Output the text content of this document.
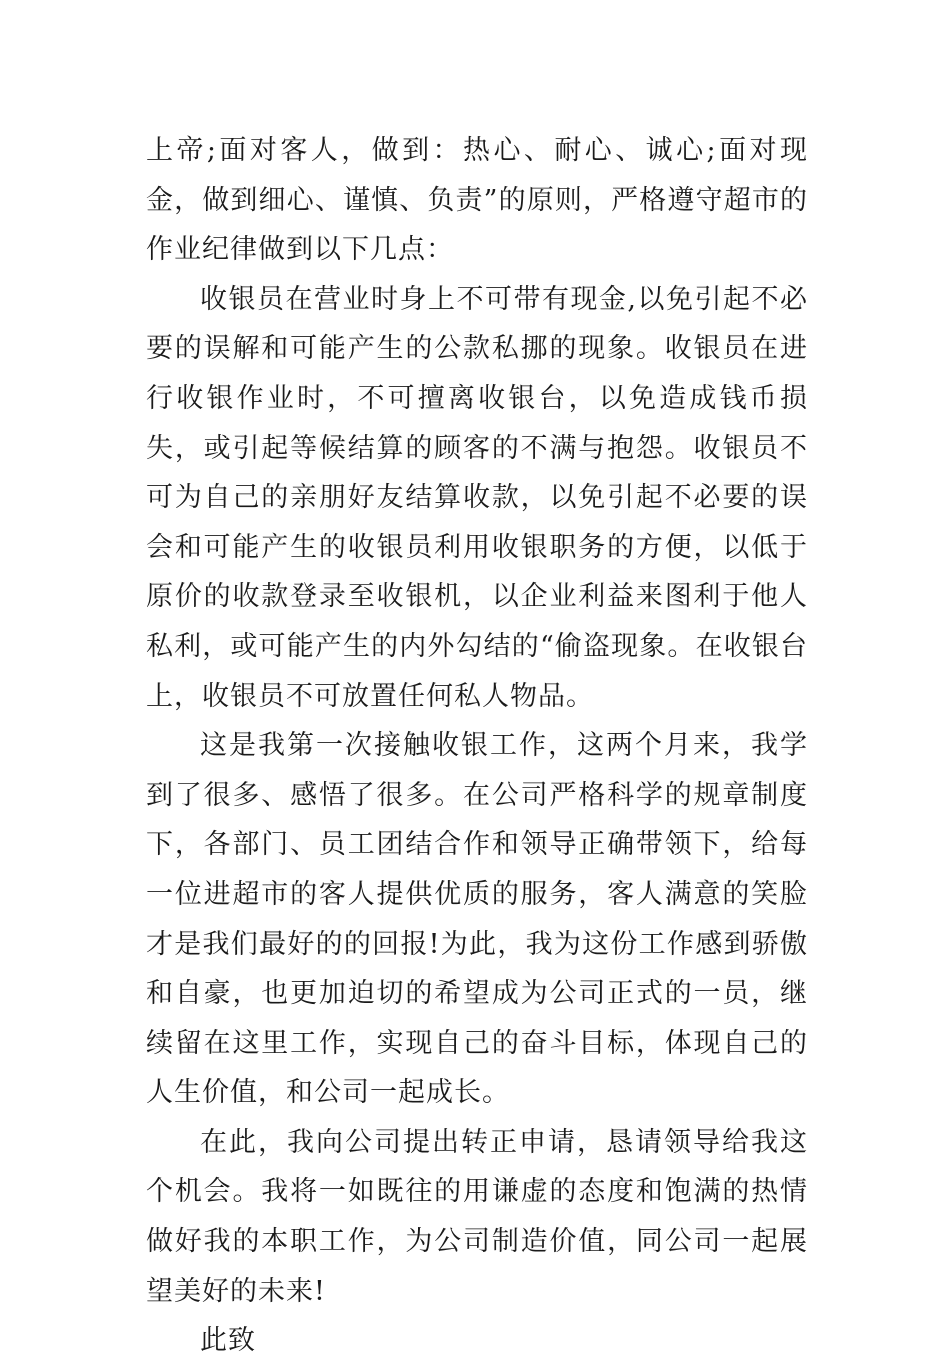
上帝;面对客人，做到：热心、耐心、诚心;面对现金，做到细心、谨慎、负责”的原则，严格遵守超市的作业纪律做到以下几点：

收银员在营业时身上不可带有现金,以免引起不必要的误解和可能产生的公款私挪的现象。收银员在进行收银作业时，不可擅离收银台，以免造成钱币损失，或引起等候结算的顾客的不满与抱怨。收银员不可为自己的亲朋好友结算收款，以免引起不必要的误会和可能产生的收银员利用收银职务的方便，以低于原价的收款登录至收银机，以企业利益来图利于他人私利，或可能产生的内外勾结的“偷盗现象。在收银台上，收银员不可放置任何私人物品。

这是我第一次接触收银工作，这两个月来，我学到了很多、感悟了很多。在公司严格科学的规章制度下，各部门、员工团结合作和领导正确带领下，给每一位进超市的客人提供优质的服务，客人满意的笑脸才是我们最好的的回报!为此，我为这份工作感到骄傲和自豪，也更加迫切的希望成为公司正式的一员，继续留在这里工作，实现自己的奋斗目标，体现自己的人生价值，和公司一起成长。

在此，我向公司提出转正申请，恳请领导给我这个机会。我将一如既往的用谦虚的态度和饱满的热情做好我的本职工作，为公司制造价值，同公司一起展望美好的未来!

此致
